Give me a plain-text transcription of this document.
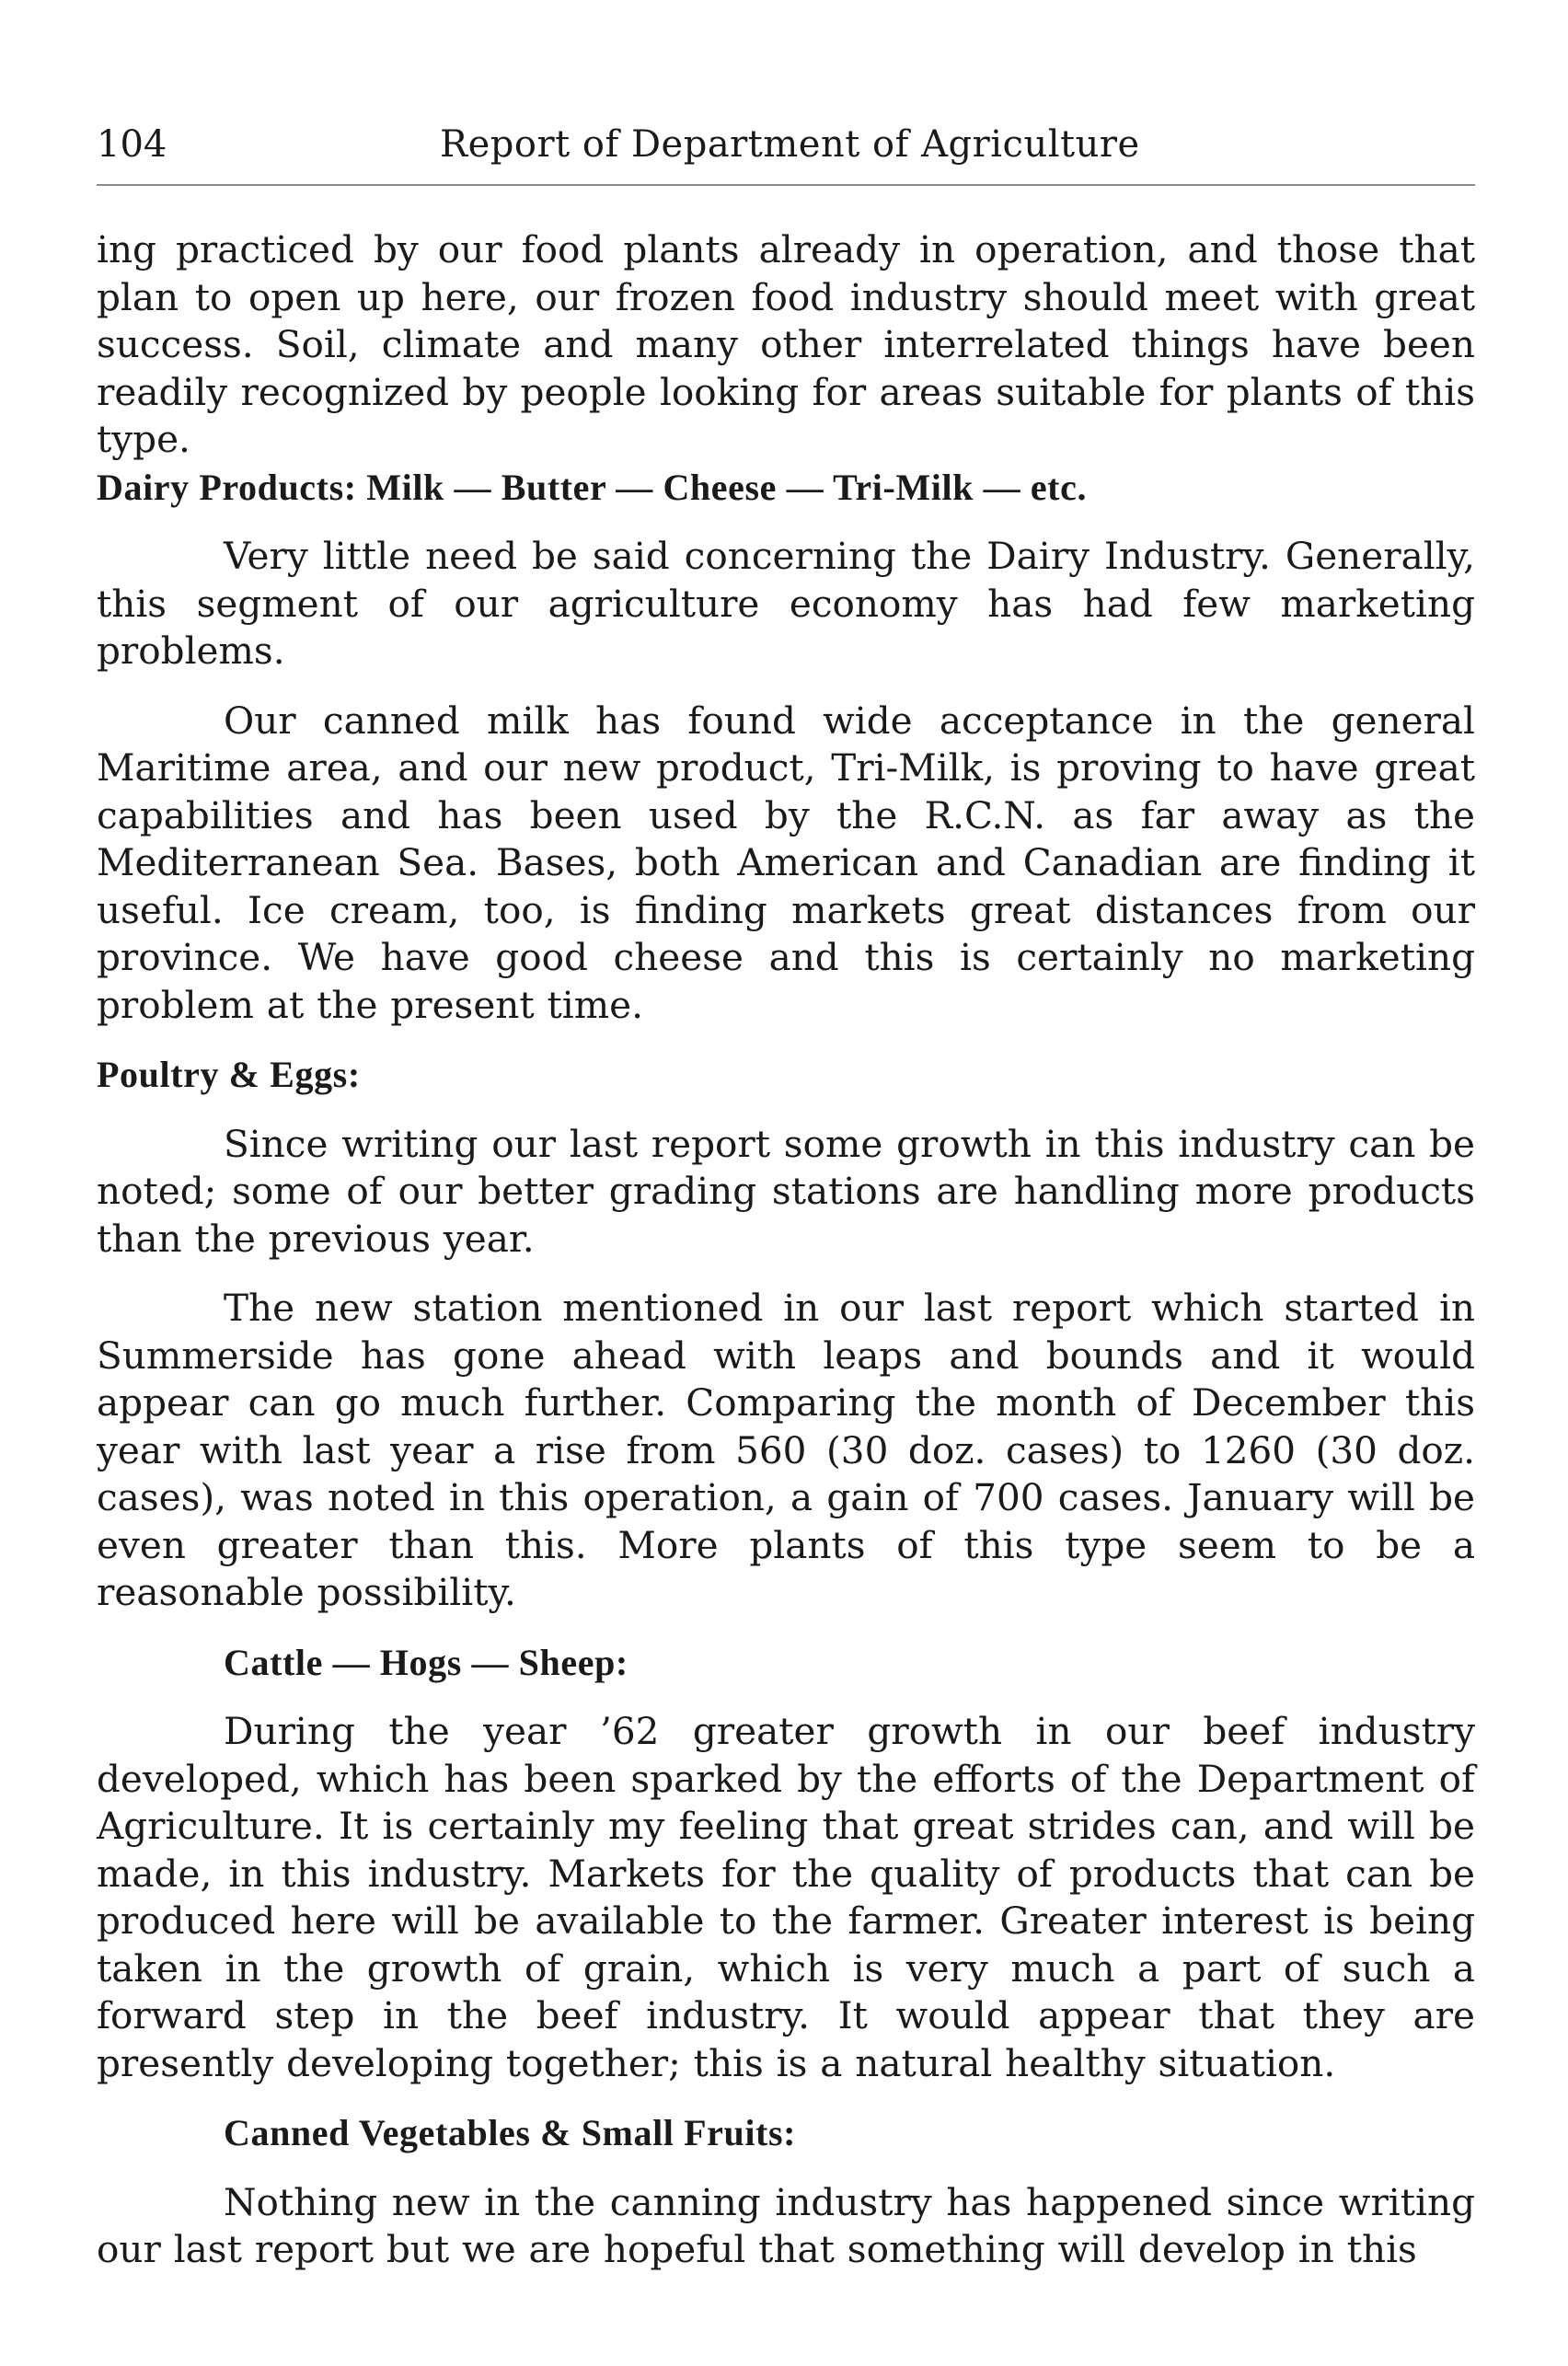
104	Report of Department of Agriculture

ing practiced by our food plants already in operation, and those that plan to open up here, our frozen food industry should meet with great success. Soil, climate and many other interrelated things have been readily recognized by people looking for areas suitable for plants of this type.

Dairy Products: Milk — Butter — Cheese — Tri-Milk — etc.

Very little need be said concerning the Dairy Industry. Generally, this segment of our agriculture economy has had few marketing problems.

Our canned milk has found wide acceptance in the general Maritime area, and our new product, Tri-Milk, is proving to have great capabilities and has been used by the R.C.N. as far away as the Mediterranean Sea. Bases, both American and Canadian are finding it useful. Ice cream, too, is finding markets great distances from our province. We have good cheese and this is certainly no marketing problem at the present time.

Poultry & Eggs:

Since writing our last report some growth in this industry can be noted; some of our better grading stations are handling more products than the previous year.

The new station mentioned in our last report which started in Summerside has gone ahead with leaps and bounds and it would appear can go much further. Comparing the month of December this year with last year a rise from 560 (30 doz. cases) to 1260 (30 doz. cases), was noted in this operation, a gain of 700 cases. January will be even greater than this. More plants of this type seem to be a reasonable possibility.

Cattle — Hogs — Sheep:

During the year ’62 greater growth in our beef industry developed, which has been sparked by the efforts of the Department of Agriculture. It is certainly my feeling that great strides can, and will be made, in this industry. Markets for the quality of products that can be produced here will be available to the farmer. Greater interest is being taken in the growth of grain, which is very much a part of such a forward step in the beef industry. It would appear that they are presently developing together; this is a natural healthy situation.

Canned Vegetables & Small Fruits:

Nothing new in the canning industry has happened since writing our last report but we are hopeful that something will develop in this
